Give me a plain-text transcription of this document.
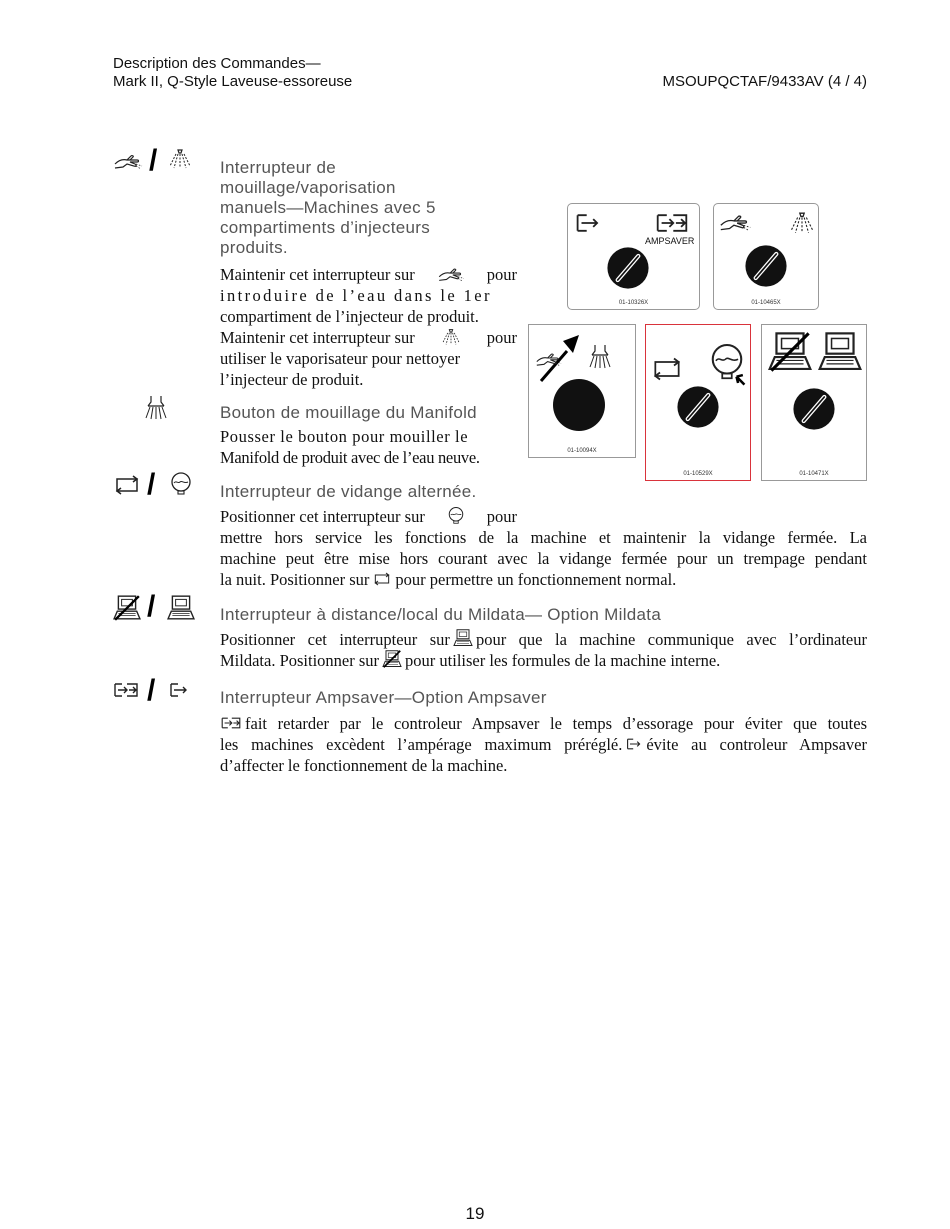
Description des Commandes—
Mark II, Q-Style Laveuse-essoreuse	MSOUPQCTAF/9433AV (4 / 4)
/	Interrupteur de
mouillage/vaporisation
manuels—Machines avec 5
compartiments d’injecteurs
produits.
Maintenir cet interrupteur sur	pour
introduire de l’eau dans le 1er
compartiment de l’injecteur de produit.
Maintenir cet interrupteur sur	pour
utiliser le vaporisateur pour nettoyer
l’injecteur de produit.
Bouton de mouillage du Manifold
Pousser le bouton pour mouiller le
Manifold de produit avec de l’eau neuve.
/	Interrupteur de vidange alternée.
Positionner cet interrupteur sur	pour
mettre hors service les fonctions de la machine et maintenir la vidange fermée. La
machine peut être mise hors courant avec la vidange fermée pour un trempage pendant
la nuit. Positionner sur pour permettre un fonctionnement normal.
/	Interrupteur à distance/local du Mildata— Option Mildata
Positionner cet interrupteur sur pour que la machine communique avec l’ordinateur
Mildata. Positionner sur pour utiliser les formules de la machine interne.
/	Interrupteur Ampsaver—Option Ampsaver
fait retarder par le controleur Ampsaver le temps d’essorage pour éviter que toutes
les machines excèdent l’ampérage maximum préréglé. évite au controleur Ampsaver
d’affecter le fonctionnement de la machine.
AMPSAVER
01-10326X	01-10465X
01-10094X
01-10529X	01-10471X
19
